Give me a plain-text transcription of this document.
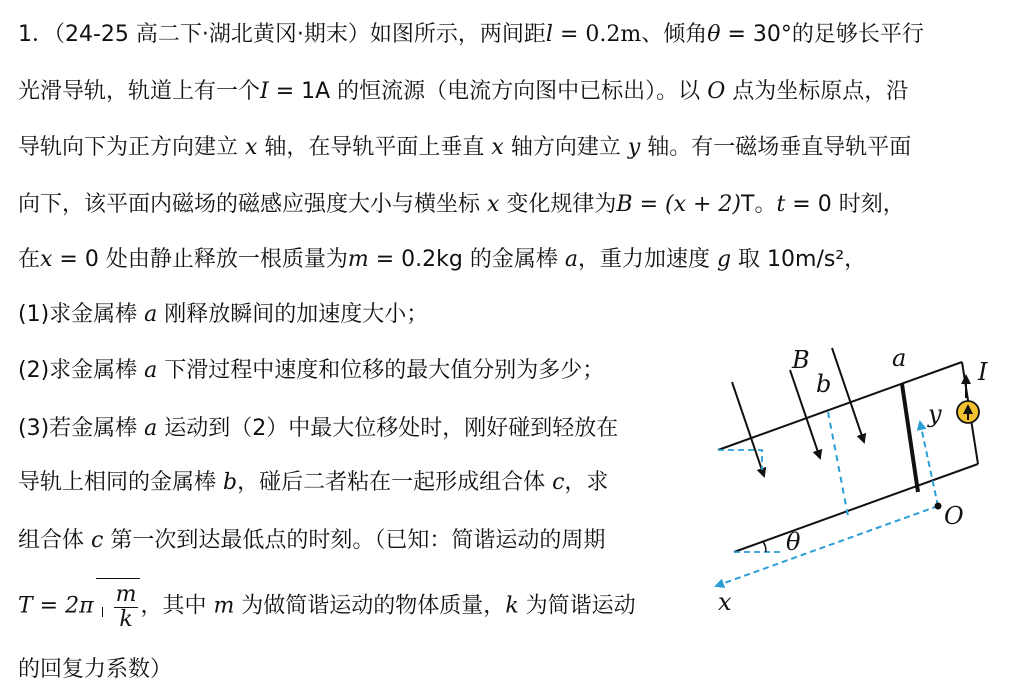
1．（24-25 高二下·湖北黄冈·期末）如图所示，两间距l = 0.2m、倾角θ = 30°的足够长平行
光滑导轨，轨道上有一个I = 1A 的恒流源（电流方向图中已标出）。以 O 点为坐标原点，沿
导轨向下为正方向建立 x 轴，在导轨平面上垂直 x 轴方向建立 y 轴。有一磁场垂直导轨平面
向下，该平面内磁场的磁感应强度大小与横坐标 x 变化规律为B = (x + 2)T。t = 0 时刻，
在x = 0 处由静止释放一根质量为m = 0.2kg 的金属棒 a，重力加速度 g 取 10m/s²，
(1)求金属棒 a 刚释放瞬间的加速度大小；
(2)求金属棒 a 下滑过程中速度和位移的最大值分别为多少；
(3)若金属棒 a 运动到（2）中最大位移处时，刚好碰到轻放在
导轨上相同的金属棒 b，碰后二者粘在一起形成组合体 c，求
组合体 c 第一次到达最低点的时刻。（已知：简谐运动的周期
$T = 2\pi \frac{m}{k}$ ，其中 m 为做简谐运动的物体质量，k 为简谐运动
的回复力系数）
B	a
b	I
y
O
θ
x
